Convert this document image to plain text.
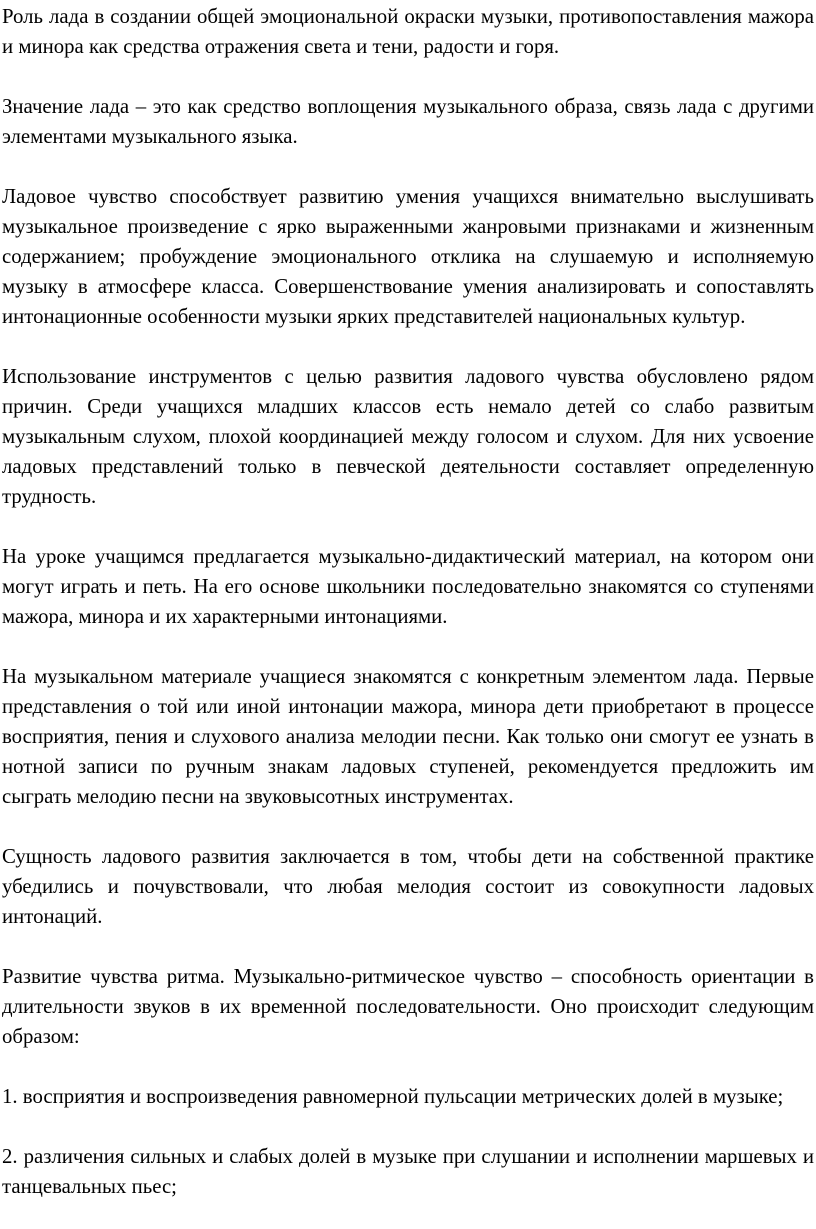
Роль лада в создании общей эмоциональной окраски музыки, противопоставления мажора и минора как средства отражения света и тени, радости и горя.

Значение лада – это как средство воплощения музыкального образа, связь лада с другими элементами музыкального языка.

Ладовое чувство способствует развитию умения учащихся внимательно выслушивать музыкальное произведение с ярко выраженными жанровыми признаками и жизненным содержанием; пробуждение эмоционального отклика на слушаемую и исполняемую музыку в атмосфере класса. Совершенствование умения анализировать и сопоставлять интонационные особенности музыки ярких представителей национальных культур.

Использование инструментов с целью развития ладового чувства обусловлено рядом причин. Среди учащихся младших классов есть немало детей со слабо развитым музыкальным слухом, плохой координацией между голосом и слухом. Для них усвоение ладовых представлений только в певческой деятельности составляет определенную трудность.

На уроке учащимся предлагается музыкально-дидактический материал, на котором они могут играть и петь. На его основе школьники последовательно знакомятся со ступенями мажора, минора и их характерными интонациями.

На музыкальном материале учащиеся знакомятся с конкретным элементом лада. Первые представления о той или иной интонации мажора, минора дети приобретают в процессе восприятия, пения и слухового анализа мелодии песни. Как только они смогут ее узнать в нотной записи по ручным знакам ладовых ступеней, рекомендуется предложить им сыграть мелодию песни на звуковысотных инструментах.

Сущность ладового развития заключается в том, чтобы дети на собственной практике убедились и почувствовали, что любая мелодия состоит из совокупности ладовых интонаций.

Развитие чувства ритма. Музыкально-ритмическое чувство – способность ориентации в длительности звуков в их временной последовательности. Оно происходит следующим образом:

1. восприятия и воспроизведения равномерной пульсации метрических долей в музыке;

2. различения сильных и слабых долей в музыке при слушании и исполнении маршевых и танцевальных пьес;
